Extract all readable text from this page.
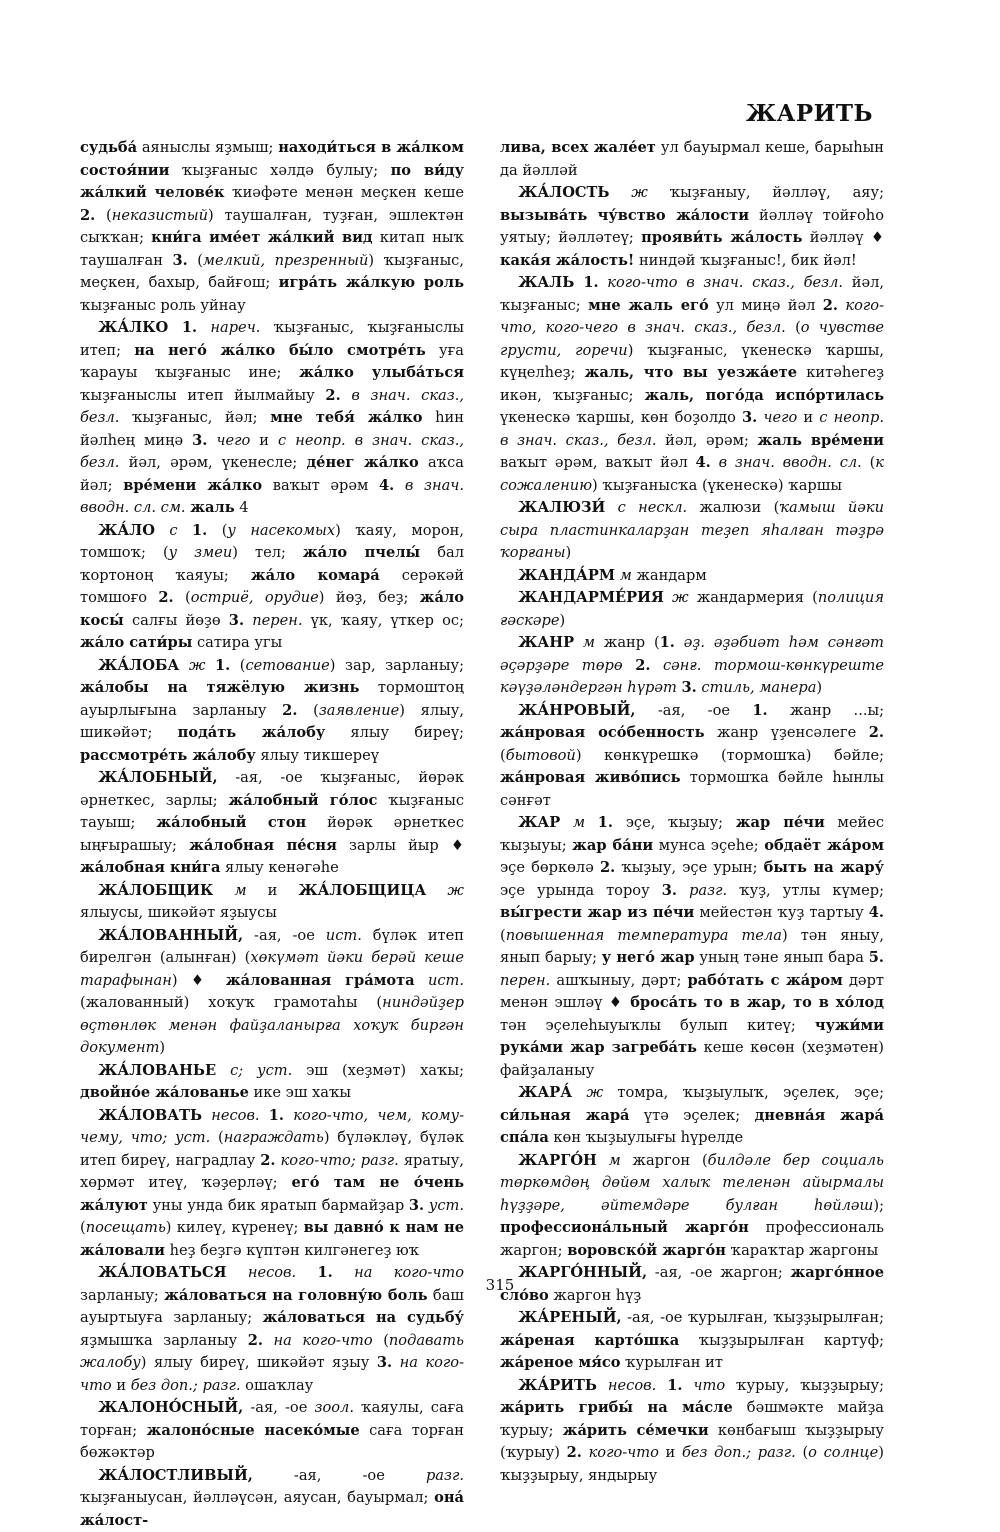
ЖАРИТЬ

судьба́ аяныслы яҙмыш; находи́ться в жа́лком состоя́нии ҡыҙғаныс хәлдә булыу; по ви́ду жа́лкий челове́к ҡиәфәте менән меҫкен кеше 2. (неказистый) таушалған, туҙған, эшлектән сыҡҡан; кни́га име́ет жа́лкий вид китап ныҡ таушалған 3. (мелкий, презренный) ҡыҙғаныс, меҫкен, бахыр, байғош; игра́ть жа́лкую роль ҡыҙғаныс роль уйнау

ЖА́ЛКО 1. нареч. ҡыҙғаныс, ҡыҙғаныслы итеп; на него́ жа́лко бы́ло смотре́ть уға ҡарауы ҡыҙғаныс ине; жа́лко улыба́ться ҡыҙғаныслы итеп йылмайыу 2. в знач. сказ., безл. ҡыҙғаныс, йәл; мне тебя́ жа́лко һин йәлһең миңә 3. чего и с неопр. в знач. сказ., безл. йәл, әрәм, үкенесле; де́нег жа́лко аҡса йәл; вре́мени жа́лко ваҡыт әрәм 4. в знач. вводн. сл. см. жаль 4

ЖА́ЛО с 1. (у насекомых) ҡаяу, морон, томшоҡ; (у змеи) тел; жа́ло пчелы́ бал ҡортоноң ҡаяуы; жа́ло комара́ серәкәй томшоғо 2. (остриё, орудие) йөҙ, беҙ; жа́ло косы́ салғы йөҙө 3. перен. үк, ҡаяу, үткер ос; жа́ло сати́ры сатира угы

ЖА́ЛОБА ж 1. (сетование) зар, зарланыу; жа́лобы на тяжёлую жизнь тормоштоң ауырлығына зарланыу 2. (заявление) ялыу, шикәйәт; пода́ть жа́лобу ялыу биреү; рассмотре́ть жа́лобу ялыу тикшереү

ЖА́ЛОБНЫЙ, -ая, -ое ҡыҙғаныс, йөрәк әрнеткес, зарлы; жа́лобный го́лос ҡыҙғаныс тауыш; жа́лобный стон йөрәк әрнеткес ыңғырашыу; жа́лобная пе́сня зарлы йыр ♦ жа́лобная кни́га ялыу кенәгәһе

ЖА́ЛОБЩИК м и ЖА́ЛОБЩИЦА ж ялыусы, шикәйәт яҙыусы

ЖА́ЛОВАННЫЙ, -ая, -ое ист. бүләк итеп бирелгән (алынған) (хөкүмәт йәки берәй кеше тарафынан) ♦ жа́лованная гра́мота ист. (жалованный) хоҡуҡ грамотаһы (ниндәйҙер өҫтөнлөк менән файҙаланырға хоҡуҡ биргән документ)

ЖА́ЛОВАНЬЕ с; уст. эш (хеҙмәт) хаҡы; двойно́е жа́лованье ике эш хаҡы

ЖА́ЛОВАТЬ несов. 1. кого-что, чем, кому-чему, что; уст. (награждать) бүләкләү, бүләк итеп биреү, наградлау 2. кого-что; разг. яратыу, хөрмәт итеү, ҡәҙерләү; его́ там не о́чень жа́луют уны унда бик яратып бармайҙар 3. уст. (посещать) килеү, күренеү; вы давно́ к нам не жа́ловали һеҙ беҙгә күптән килгәнегеҙ юҡ

ЖА́ЛОВАТЬСЯ несов. 1. на кого-что зарланыу; жа́ловаться на головну́ю боль баш ауыртыуға зарланыу; жа́ловаться на судьбу́ яҙмышҡа зарланыу 2. на кого-что (подавать жалобу) ялыу биреү, шикәйәт яҙыу 3. на кого-что и без доп.; разг. ошаҡлау

ЖАЛОНО́СНЫЙ, -ая, -ое зоол. ҡаяулы, саға торған; жалоно́сные насеко́мые саға торған бөжәктәр

ЖА́ЛОСТЛИВЫЙ, -ая, -ое разг. ҡыҙғаныусан, йәлләүсән, аяусан, бауырмал; она́ жа́лост-

лива, всех жале́ет ул бауырмал кеше, барыһын да йәлләй

ЖА́ЛОСТЬ ж ҡыҙғаныу, йәлләү, аяу; вызыва́ть чу́вство жа́лости йәлләү тойғоһо уятыу; йәлләтеү; прояви́ть жа́лость йәлләү ♦ кака́я жа́лость! ниндәй ҡыҙғаныс!, бик йәл!

ЖАЛЬ 1. кого-что в знач. сказ., безл. йәл, ҡыҙғаныс; мне жаль его́ ул миңә йәл 2. кого-что, кого-чего в знач. сказ., безл. (о чувстве грусти, горечи) ҡыҙғаныс, үкенескә ҡаршы, күңелһеҙ; жаль, что вы уезжа́ете китәһегеҙ икән, ҡыҙғаныс; жаль, пого́да испо́ртилась үкенескә ҡаршы, көн боҙолдо 3. чего и с неопр. в знач. сказ., безл. йәл, әрәм; жаль вре́мени ваҡыт әрәм, ваҡыт йәл 4. в знач. вводн. сл. (к сожалению) ҡыҙғанысҡа (үкенескә) ҡаршы

ЖАЛЮЗИ́ с нескл. жалюзи (ҡамыш йәки сыра пластинкаларҙан теҙеп яһалған тәҙрә ҡорғаны)

ЖАНДА́РМ м жандарм

ЖАНДАРМЕ́РИЯ ж жандармерия (полиция ғәскәре)

ЖАНР м жанр (1. әҙ. әҙәбиәт һәм сәнғәт әҫәрҙәре төрө 2. сәнғ. тормош-көнкүреште кәүҙәләндергән һүрәт 3. стиль, манера)

ЖА́НРОВЫЙ, -ая, -ое 1. жанр ...ы; жа́нровая осо́бенность жанр үҙенсәлеге 2. (бытовой) көнкүрешкә (тормошҡа) бәйле; жа́нровая живо́пись тормошҡа бәйле һынлы сәнғәт

ЖАР м 1. эҫе, ҡыҙыу; жар пе́чи мейес ҡыҙыуы; жар ба́ни мунса эҫеһе; обдаёт жа́ром эҫе бөркөлә 2. ҡыҙыу, эҫе урын; быть на жару́ эҫе урында тороу 3. разг. ҡуҙ, утлы күмер; вы́грести жар из пе́чи мейестән ҡуҙ тартыу 4. (повышенная температура тела) тән яныу, янып барыу; у него́ жар уның тәне янып бара 5. перен. ашҡыныу, дәрт; рабо́тать с жа́ром дәрт менән эшләү ♦ броса́ть то в жар, то в хо́лод тән эҫелеһыуыҡлы булып китеү; чужи́ми рука́ми жар загреба́ть кеше көсөн (хеҙмәтен) файҙаланыу

ЖАРА́ ж томра, ҡыҙыулыҡ, эҫелек, эҫе; си́льная жара́ үтә эҫелек; дневна́я жара́ спа́ла көн ҡыҙыулығы һүрелде

ЖАРГО́Н м жаргон (билдәле бер социаль төркөмдөң дөйөм халыҡ теленән айырмалы һүҙҙәре, әйтемдәре булған һөйләш); профессиона́льный жарго́н профессиональ жаргон; воровско́й жарго́н ҡараҡтар жаргоны

ЖАРГО́ННЫЙ, -ая, -ое жаргон; жарго́нное сло́во жаргон һүҙ

ЖА́РЕНЫЙ, -ая, -ое ҡурылған, ҡыҙҙырылған; жа́реная карто́шка ҡыҙҙырылған картуф; жа́реное мя́со ҡурылған ит

ЖА́РИТЬ несов. 1. что ҡурыу, ҡыҙҙырыу; жа́рить грибы́ на ма́сле бәшмәкте майҙа ҡурыу; жа́рить се́мечки көнбағыш ҡыҙҙырыу (ҡурыу) 2. кого-что и без доп.; разг. (о солнце) ҡыҙҙырыу, яндырыу

315
